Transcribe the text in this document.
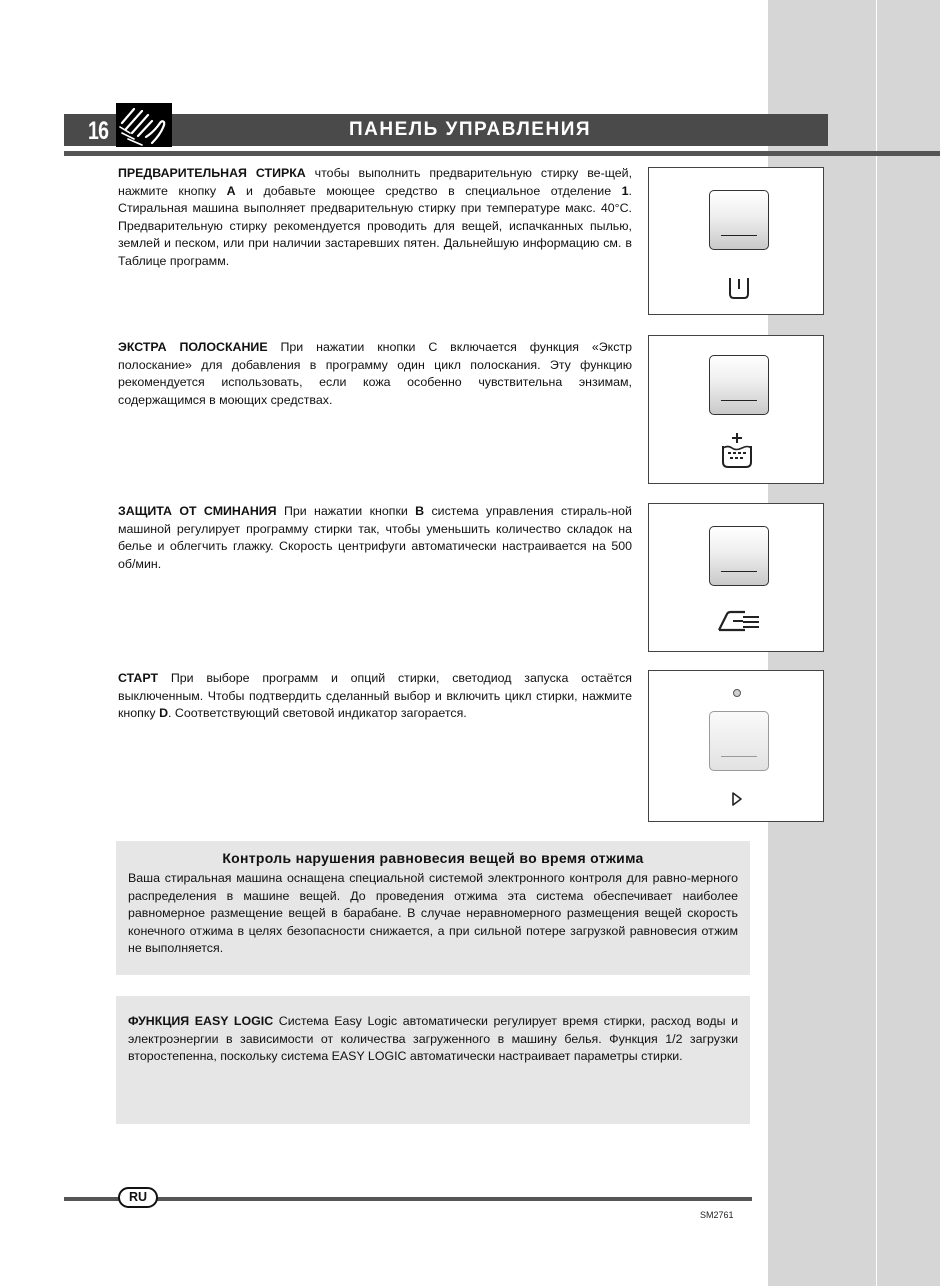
16	ПАНЕЛЬ УПРАВЛЕНИЯ
ПРЕДВАРИТЕЛЬНАЯ СТИРКА чтобы выполнить предварительную стирку ве-щей, нажмите кнопку A и добавьте моющее средство в специальное отделение 1. Стиральная машина выполняет предварительную стирку при температуре макс. 40°С. Предварительную стирку рекомендуется проводить для вещей, испачканных пылью, землей и песком, или при наличии застаревших пятен. Дальнейшую информацию см. в Таблице программ.
ЭКСТРА ПОЛОСКАНИЕ При нажатии кнопки С включается функция «Экстр полоскание» для добавления в программу один цикл полоскания. Эту функцию рекомендуется использовать, если кожа особенно чувствительна энзимам, содержащимся в моющих средствах.
ЗАЩИТА ОТ СМИНАНИЯ При нажатии кнопки B система управления стираль-ной машиной регулирует программу стирки так, чтобы уменьшить количество складок на белье и облегчить глажку. Скорость центрифуги автоматически настраивается на 500 об/мин.
СТАРТ При выборе программ и опций стирки, светодиод запуска остаётся выключенным. Чтобы подтвердить сделанный выбор и включить цикл стирки, нажмите кнопку D. Соответствующий световой индикатор загорается.
Контроль нарушения равновесия вещей во время отжима
Ваша стиральная машина оснащена специальной системой электронного контроля для равно-мерного распределения в машине вещей. До проведения отжима эта система обеспечивает наиболее равномерное размещение вещей в барабане. В случае неравномерного размещения вещей скорость конечного отжима в целях безопасности снижается, а при сильной потере загрузкой равновесия отжим не выполняется.
ФУНКЦИЯ EASY LOGIC Система Easy Logic автоматически регулирует время стирки, расход воды и электроэнергии в зависимости от количества загруженного в машину белья. Функция 1/2 загрузки второстепенна, поскольку система EASY LOGIC автоматически настраивает параметры стирки.
RU
SM2761
